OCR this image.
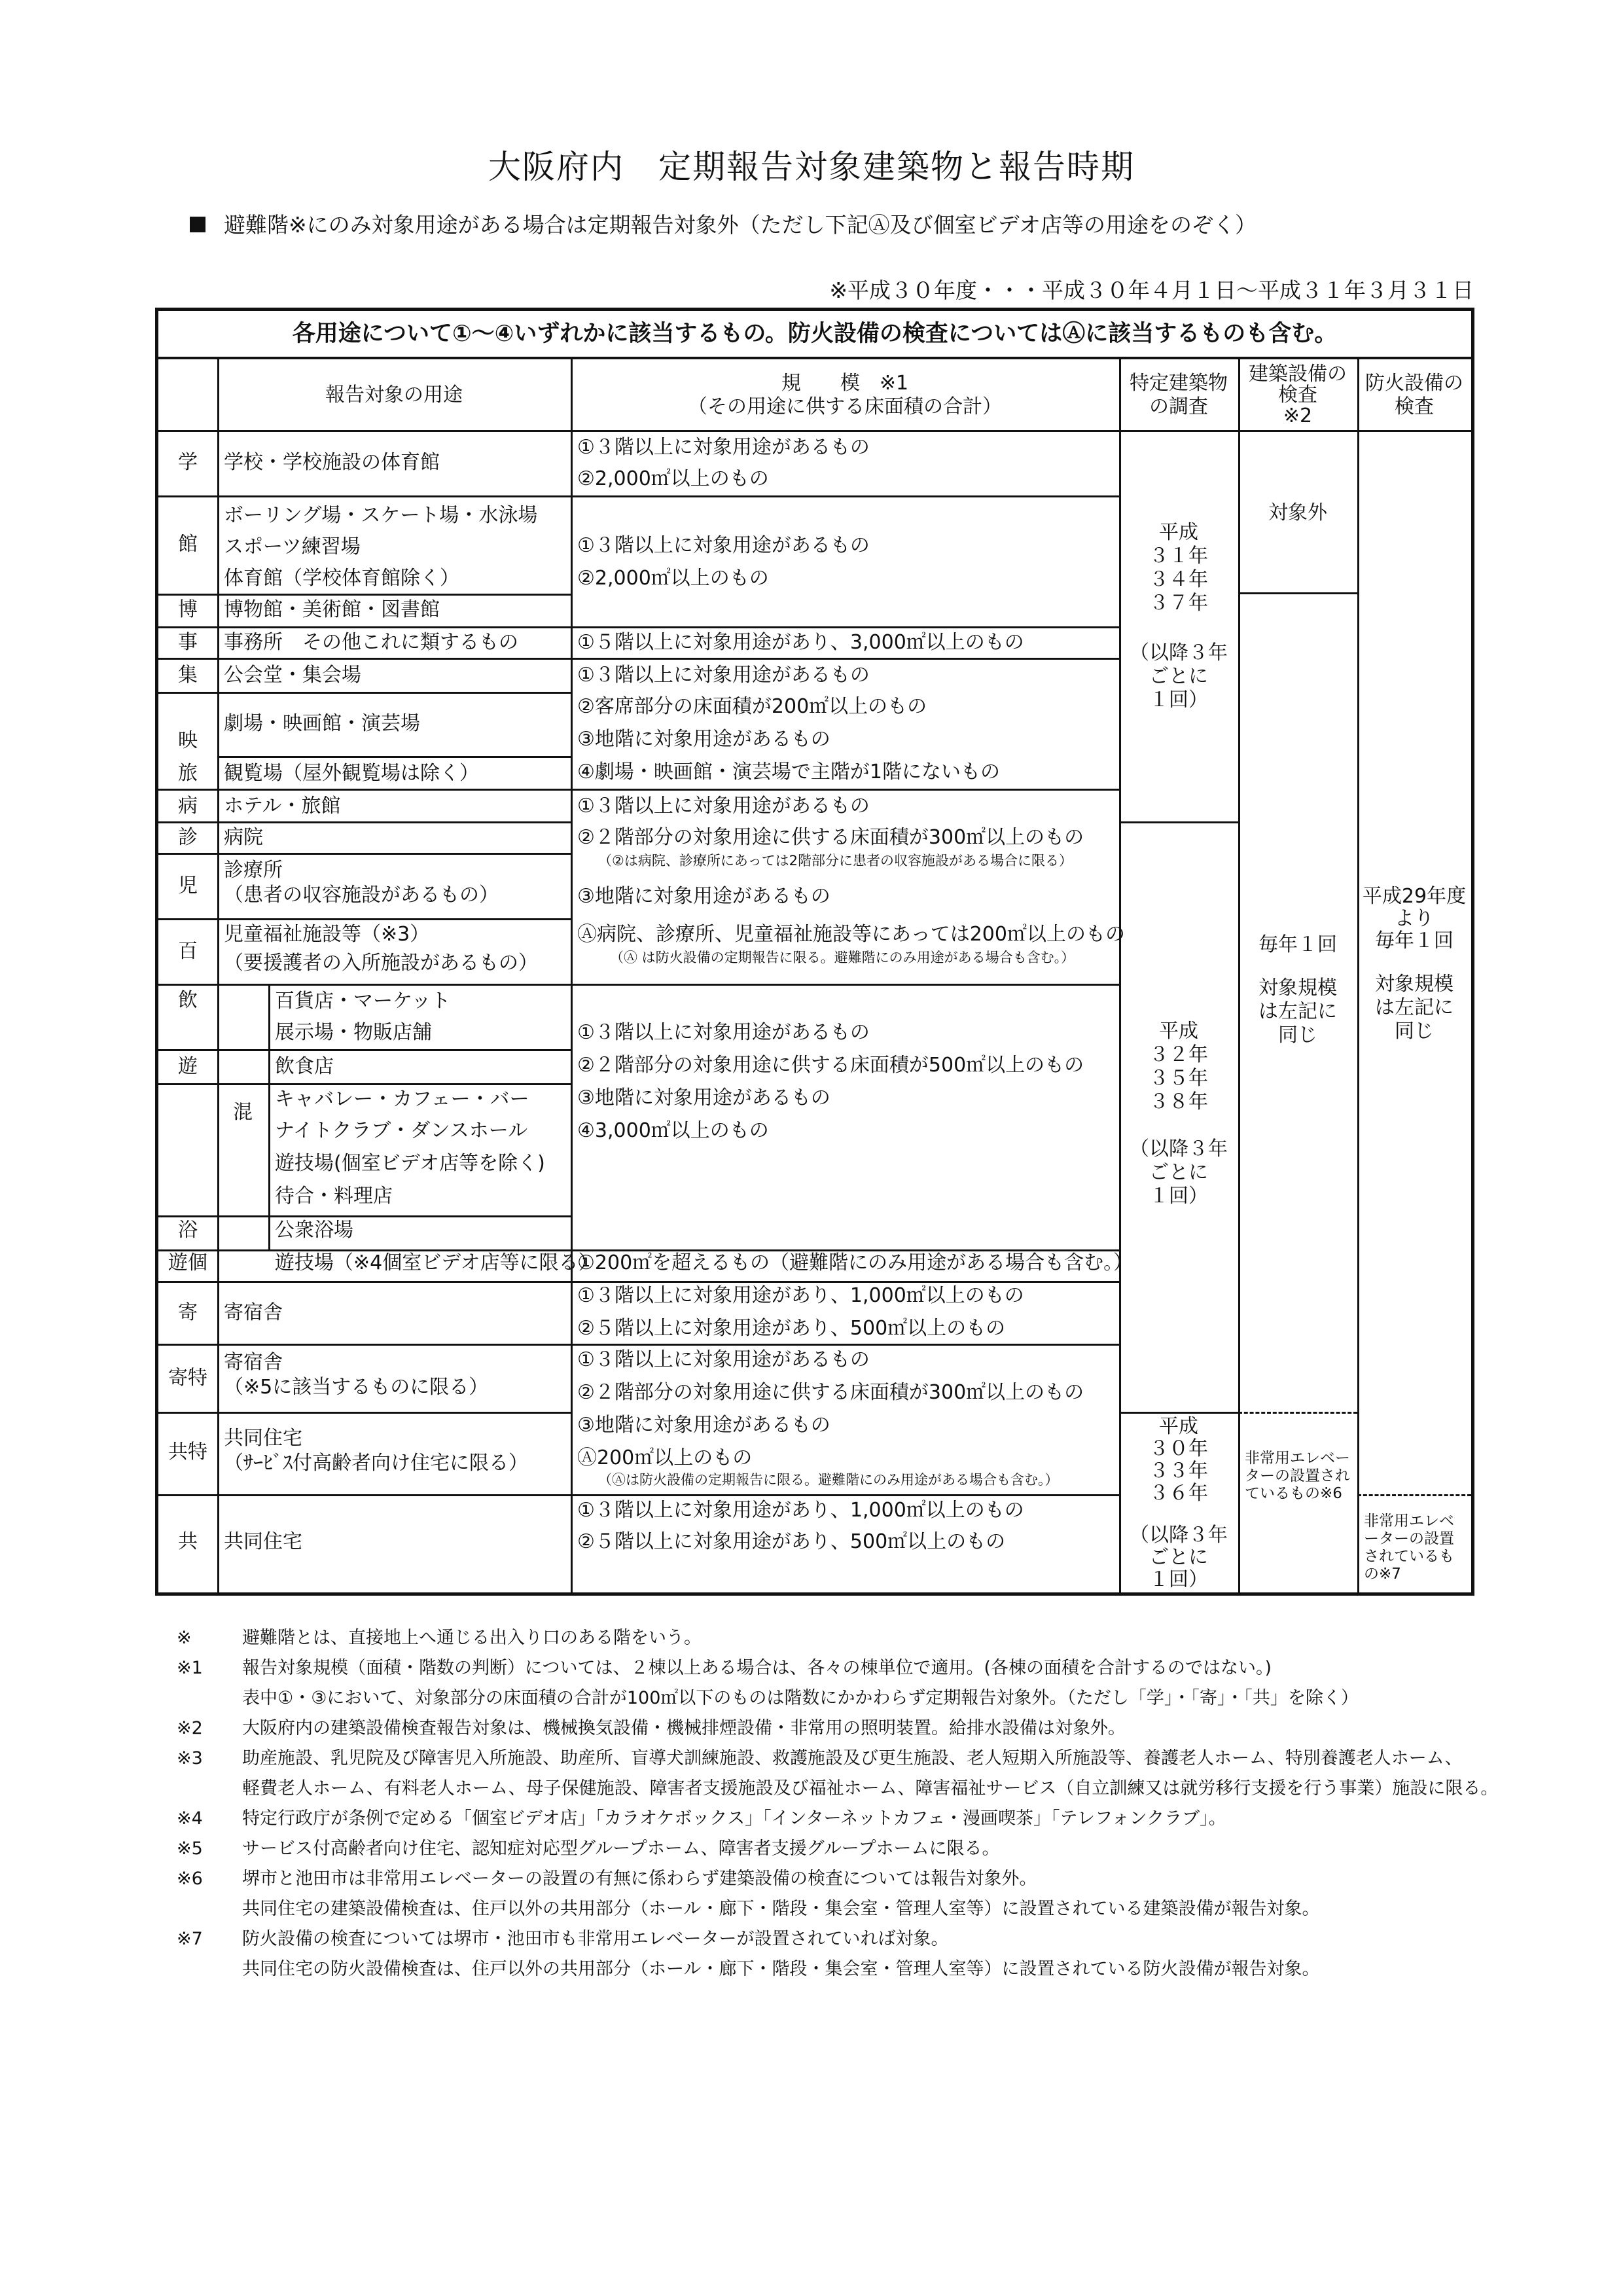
大阪府内　定期報告対象建築物と報告時期
避難階※にのみ対象用途がある場合は定期報告対象外（ただし下記Ⓐ及び個室ビデオ店等の用途をのぞく）
※平成３０年度・・・平成３０年４月１日～平成３１年３月３１日
各用途について①～④いずれかに該当するもの。防火設備の検査についてはⒶに該当するものも含む。
報告対象の用途
規　　模　※1
（その用途に供する床面積の合計）
特定建築物
の調査
建築設備の
検査
※2
防火設備の
検査
学
館
博
事
集
映
旅
病
診
児
百
飲
遊
浴
遊個
寄
寄特
共特
共
混
学校・学校施設の体育館
ボーリング場・スケート場・水泳場
スポーツ練習場
体育館（学校体育館除く）
博物館・美術館・図書館
事務所　その他これに類するもの
公会堂・集会場
劇場・映画館・演芸場
観覧場（屋外観覧場は除く）
ホテル・旅館
病院
診療所
（患者の収容施設があるもの）
児童福祉施設等（※3）
（要援護者の入所施設があるもの）
百貨店・マーケット
展示場・物販店舗
飲食店
キャバレー・カフェー・バー
ナイトクラブ・ダンスホール
遊技場(個室ビデオ店等を除く)
待合・料理店
公衆浴場
遊技場（※4個室ビデオ店等に限る）
寄宿舎
寄宿舎
（※5に該当するものに限る）
共同住宅
（ｻｰﾋﾞｽ付高齢者向け住宅に限る）
共同住宅
①３階以上に対象用途があるもの
②2,000㎡以上のもの
①３階以上に対象用途があるもの
②2,000㎡以上のもの
①５階以上に対象用途があり、3,000㎡以上のもの
①３階以上に対象用途があるもの
②客席部分の床面積が200㎡以上のもの
③地階に対象用途があるもの
④劇場・映画館・演芸場で主階が1階にないもの
①３階以上に対象用途があるもの
②２階部分の対象用途に供する床面積が300㎡以上のもの
（②は病院、診療所にあっては2階部分に患者の収容施設がある場合に限る）
③地階に対象用途があるもの
Ⓐ病院、診療所、児童福祉施設等にあっては200㎡以上のもの
（Ⓐ は防火設備の定期報告に限る。避難階にのみ用途がある場合も含む。）
①３階以上に対象用途があるもの
②２階部分の対象用途に供する床面積が500㎡以上のもの
③地階に対象用途があるもの
④3,000㎡以上のもの
①200㎡を超えるもの（避難階にのみ用途がある場合も含む。）
①３階以上に対象用途があり、1,000㎡以上のもの
②５階以上に対象用途があり、500㎡以上のもの
①３階以上に対象用途があるもの
②２階部分の対象用途に供する床面積が300㎡以上のもの
③地階に対象用途があるもの
Ⓐ200㎡以上のもの
（Ⓐは防火設備の定期報告に限る。避難階にのみ用途がある場合も含む。）
①３階以上に対象用途があり、1,000㎡以上のもの
②５階以上に対象用途があり、500㎡以上のもの
平成
３１年
３４年
３７年
（以降３年
ごとに
１回）
平成
３２年
３５年
３８年
（以降３年
ごとに
１回）
平成
３０年
３３年
３６年
（以降３年
ごとに
１回）
対象外
毎年１回
対象規模
は左記に
同じ
非常用エレベーターの設置されているもの※6
平成29年度
より
毎年１回
対象規模
は左記に
同じ
非常用エレベーターの設置されているもの※7
※	避難階とは、直接地上へ通じる出入り口のある階をいう。
※1 報告対象規模（面積・階数の判断）については、２棟以上ある場合は、各々の棟単位で適用。(各棟の面積を合計するのではない。)
表中①・③において、対象部分の床面積の合計が100㎡以下のものは階数にかかわらず定期報告対象外。（ただし「学」・「寄」・「共」を除く）
※2 大阪府内の建築設備検査報告対象は、機械換気設備・機械排煙設備・非常用の照明装置。給排水設備は対象外。
※3 助産施設、乳児院及び障害児入所施設、助産所、盲導犬訓練施設、救護施設及び更生施設、老人短期入所施設等、養護老人ホーム、特別養護老人ホーム、
軽費老人ホーム、有料老人ホーム、母子保健施設、障害者支援施設及び福祉ホーム、障害福祉サービス（自立訓練又は就労移行支援を行う事業）施設に限る。
※4 特定行政庁が条例で定める「個室ビデオ店」「カラオケボックス」「インターネットカフェ・漫画喫茶」「テレフォンクラブ」。
※5 サービス付高齢者向け住宅、認知症対応型グループホーム、障害者支援グループホームに限る。
※6 堺市と池田市は非常用エレベーターの設置の有無に係わらず建築設備の検査については報告対象外。
共同住宅の建築設備検査は、住戸以外の共用部分（ホール・廊下・階段・集会室・管理人室等）に設置されている建築設備が報告対象。
※7 防火設備の検査については堺市・池田市も非常用エレベーターが設置されていれば対象。
共同住宅の防火設備検査は、住戸以外の共用部分（ホール・廊下・階段・集会室・管理人室等）に設置されている防火設備が報告対象。
